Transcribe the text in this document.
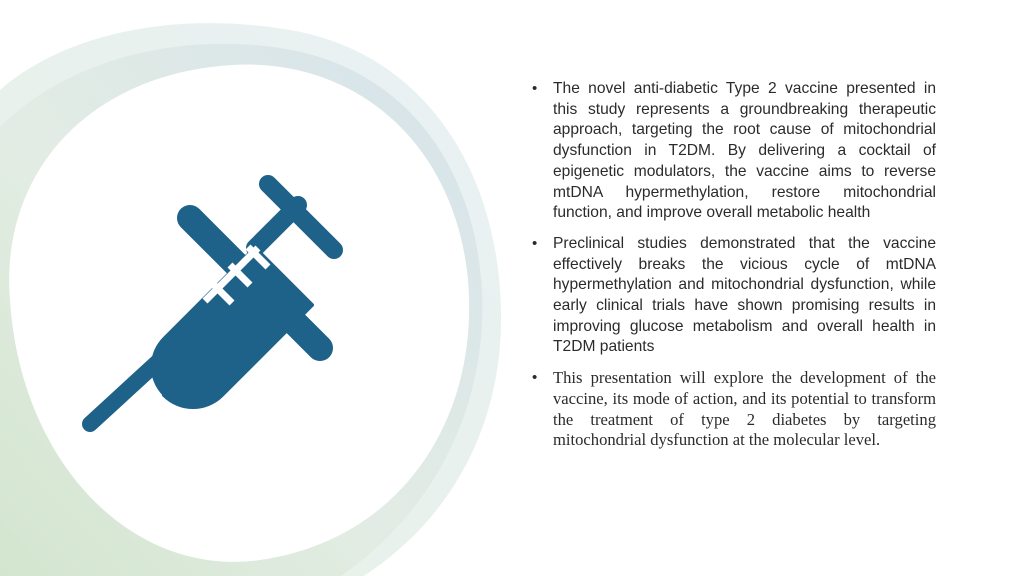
• The novel anti-diabetic Type 2 vaccine presented in this study represents a groundbreaking therapeutic approach, targeting the root cause of mitochondrial dysfunction in T2DM. By delivering a cocktail of epigenetic modulators, the vaccine aims to reverse mtDNA hypermethylation, restore mitochondrial function, and improve overall metabolic health
• Preclinical studies demonstrated that the vaccine effectively breaks the vicious cycle of mtDNA hypermethylation and mitochondrial dysfunction, while early clinical trials have shown promising results in improving glucose metabolism and overall health in T2DM patients
• This presentation will explore the development of the vaccine, its mode of action, and its potential to transform the treatment of type 2 diabetes by targeting mitochondrial dysfunction at the molecular level.
